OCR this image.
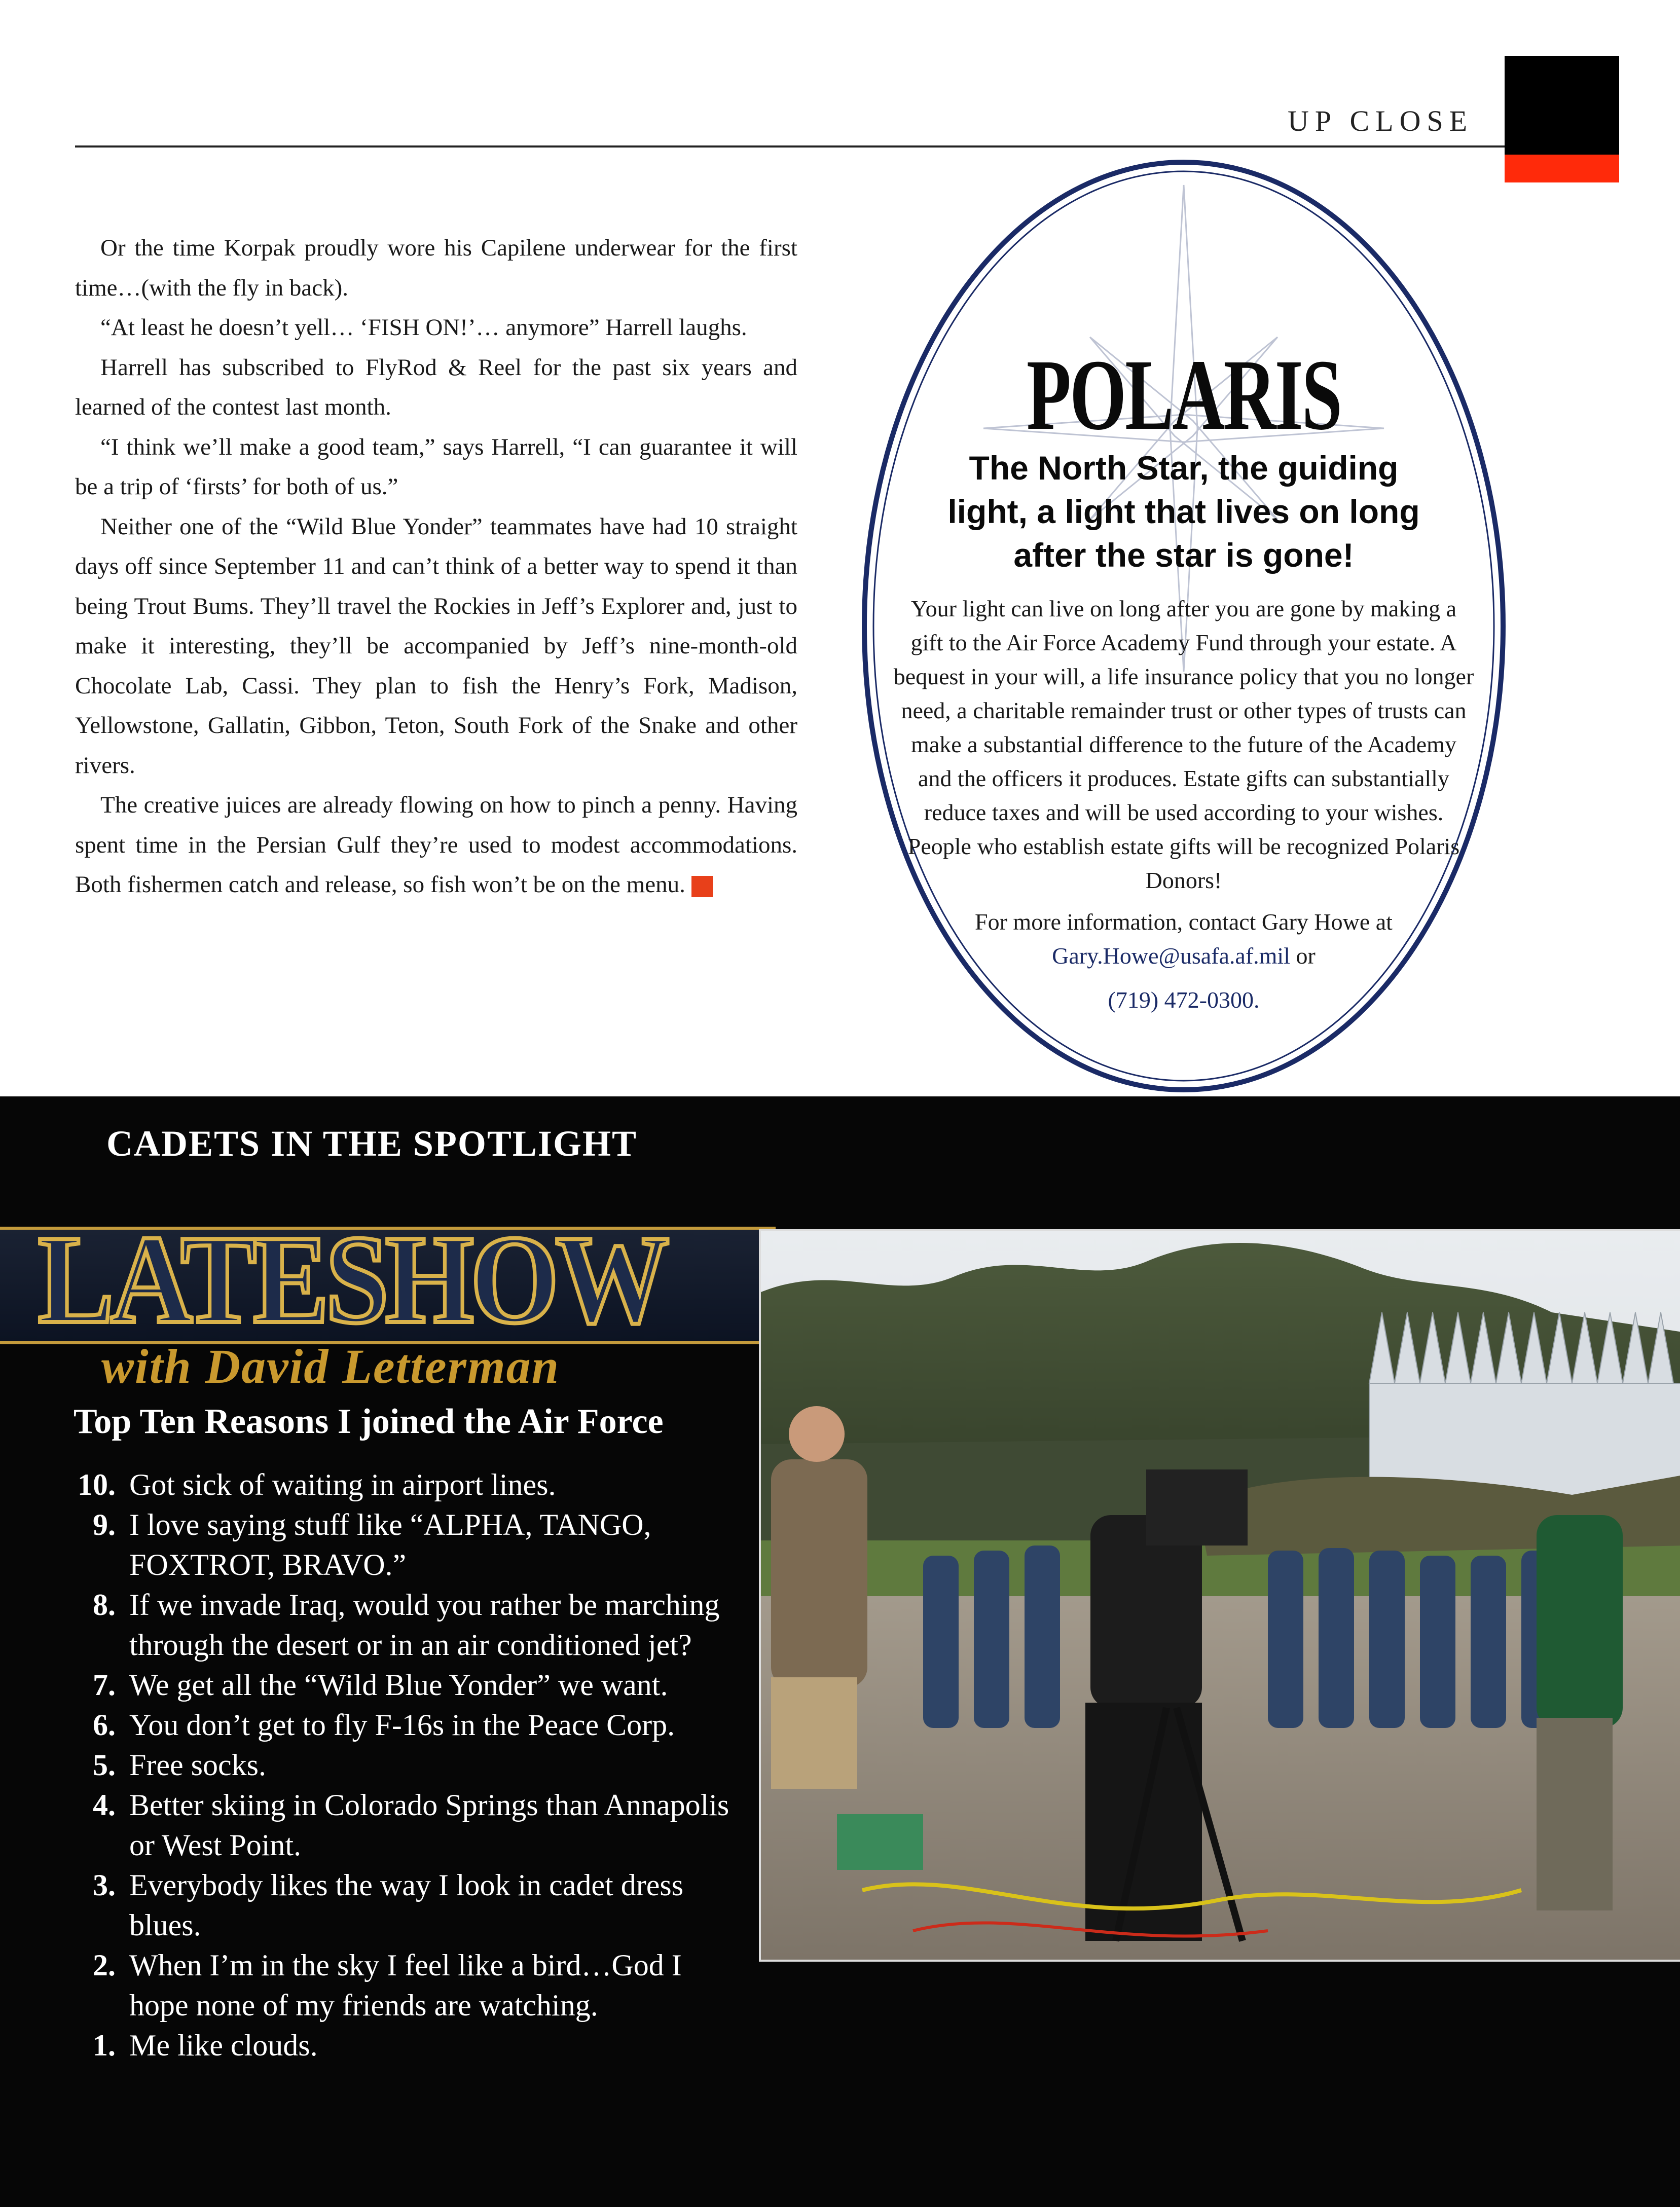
UP CLOSE

Or the time Korpak proudly wore his Capilene underwear for the first time…(with the fly in back).

“At least he doesn’t yell… ‘FISH ON!’… anymore” Harrell laughs.

Harrell has subscribed to FlyRod & Reel for the past six years and learned of the contest last month.

“I think we’ll make a good team,” says Harrell, “I can guarantee it will be a trip of ‘firsts’ for both of us.”

Neither one of the “Wild Blue Yonder” teammates have had 10 straight days off since September 11 and can’t think of a better way to spend it than being Trout Bums. They’ll travel the Rockies in Jeff’s Explorer and, just to make it interesting, they’ll be accompanied by Jeff’s nine-month-old Chocolate Lab, Cassi. They plan to fish the Henry’s Fork, Madison, Yellowstone, Gallatin, Gibbon, Teton, South Fork of the Snake and other rivers.

The creative juices are already flowing on how to pinch a penny. Having spent time in the Persian Gulf they’re used to modest accommodations. Both fishermen catch and release, so fish won’t be on the menu. ✓

POLARIS
The North Star, the guiding light, a light that lives on long after the star is gone!
Your light can live on long after you are gone by making a gift to the Air Force Academy Fund through your estate. A bequest in your will, a life insurance policy that you no longer need, a charitable remainder trust or other types of trusts can make a substantial difference to the future of the Academy and the officers it produces. Estate gifts can substantially reduce taxes and will be used according to your wishes. People who establish estate gifts will be recognized Polaris Donors!
For more information, contact Gary Howe at
Gary.Howe@usafa.af.mil or
(719) 472-0300.
CADETS IN THE SPOTLIGHT
LATESHOW
with David Letterman
Top Ten Reasons I joined the Air Force
10. Got sick of waiting in airport lines.
9. I love saying stuff like “ALPHA, TANGO, FOXTROT, BRAVO.”
8. If we invade Iraq, would you rather be marching through the desert or in an air conditioned jet?
7. We get all the “Wild Blue Yonder” we want.
6. You don’t get to fly F-16s in the Peace Corp.
5. Free socks.
4. Better skiing in Colorado Springs than Annapolis or West Point.
3. Everybody likes the way I look in cadet dress blues.
2. When I’m in the sky I feel like a bird…God I hope none of my friends are watching.
1. Me like clouds.
